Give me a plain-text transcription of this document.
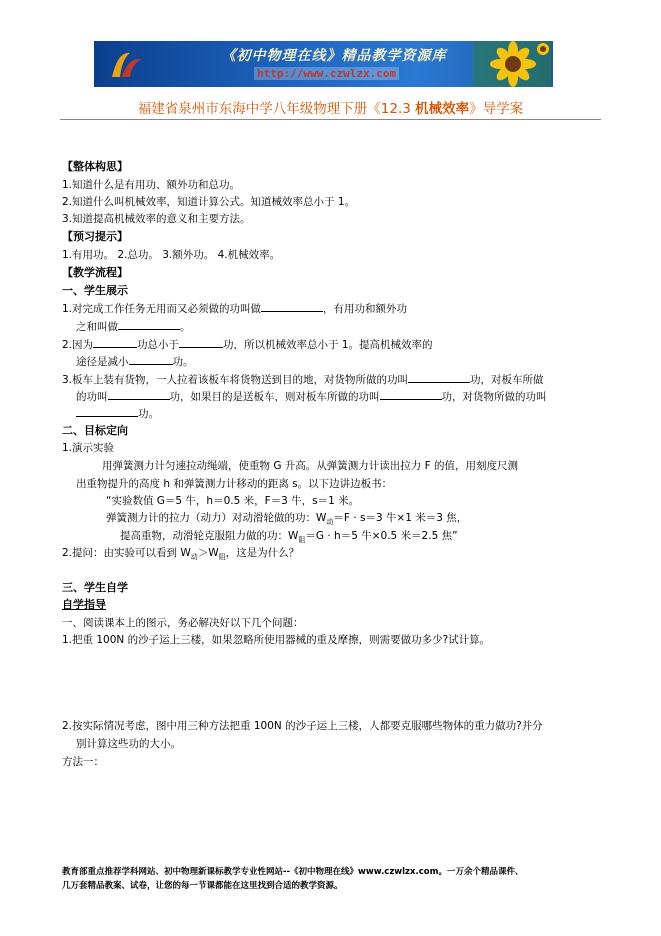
《初中物理在线》精品教学资源库
http://www.czwlzx.com
福建省泉州市东海中学八年级物理下册《12.3 机械效率》导学案
【整体构思】
1.知道什么是有用功、额外功和总功。
2.知道什么叫机械效率，知道计算公式。知道械效率总小于 1。
3.知道提高机械效率的意义和主要方法。
【预习提示】
1.有用功。 2.总功。 3.额外功。 4.机械效率。
【教学流程】
一、学生展示
1.对完成工作任务无用而又必须做的功叫做	，有用功和额外功
之和叫做	。
2.因为	功总小于	功，所以机械效率总小于 1。提高机械效率的
途径是减小	功。
3.板车上装有货物，一人拉着该板车将货物送到目的地，对货物所做的功叫	功，对板车所做
的功叫	功，如果目的是送板车，则对板车所做的功叫	功，对货物所做的功叫
功。
二、目标定向
1.演示实验
用弹簧测力计匀速拉动绳端，使重物 G 升高。从弹簧测力计读出拉力 F 的值，用刻度尺测
出重物提升的高度 h 和弹簧测力计移动的距离 s。以下边讲边板书：
“实验数值 G＝5 牛，h＝0.5 米，F＝3 牛，s＝1 米。
弹簧测力计的拉力（动力）对动滑轮做的功：$W_动=F \cdot s=3$ 牛×1 米＝3 焦，
提高重物，动滑轮克服阻力做的功：$W_阻=G \cdot h=5$ 牛×0.5 米＝2.5 焦”
2.提问：由实验可以看到 $W_动>W_阻$，这是为什么？
三、学生自学
自学指导
一、阅读课本上的图示，务必解决好以下几个问题：
1.把重 100N 的沙子运上三楼，如果忽略所使用器械的重及摩擦，则需要做功多少?试计算。
2.按实际情况考虑，图中用三种方法把重 100N 的沙子运上三楼，人都要克服哪些物体的重力做功?并分
别计算这些功的大小。
方法一：
教育部重点推荐学科网站、初中物理新课标教学专业性网站--《初中物理在线》www.czwlzx.com。一万余个精品课件、
几万套精品教案、试卷，让您的每一节课都能在这里找到合适的教学资源。
